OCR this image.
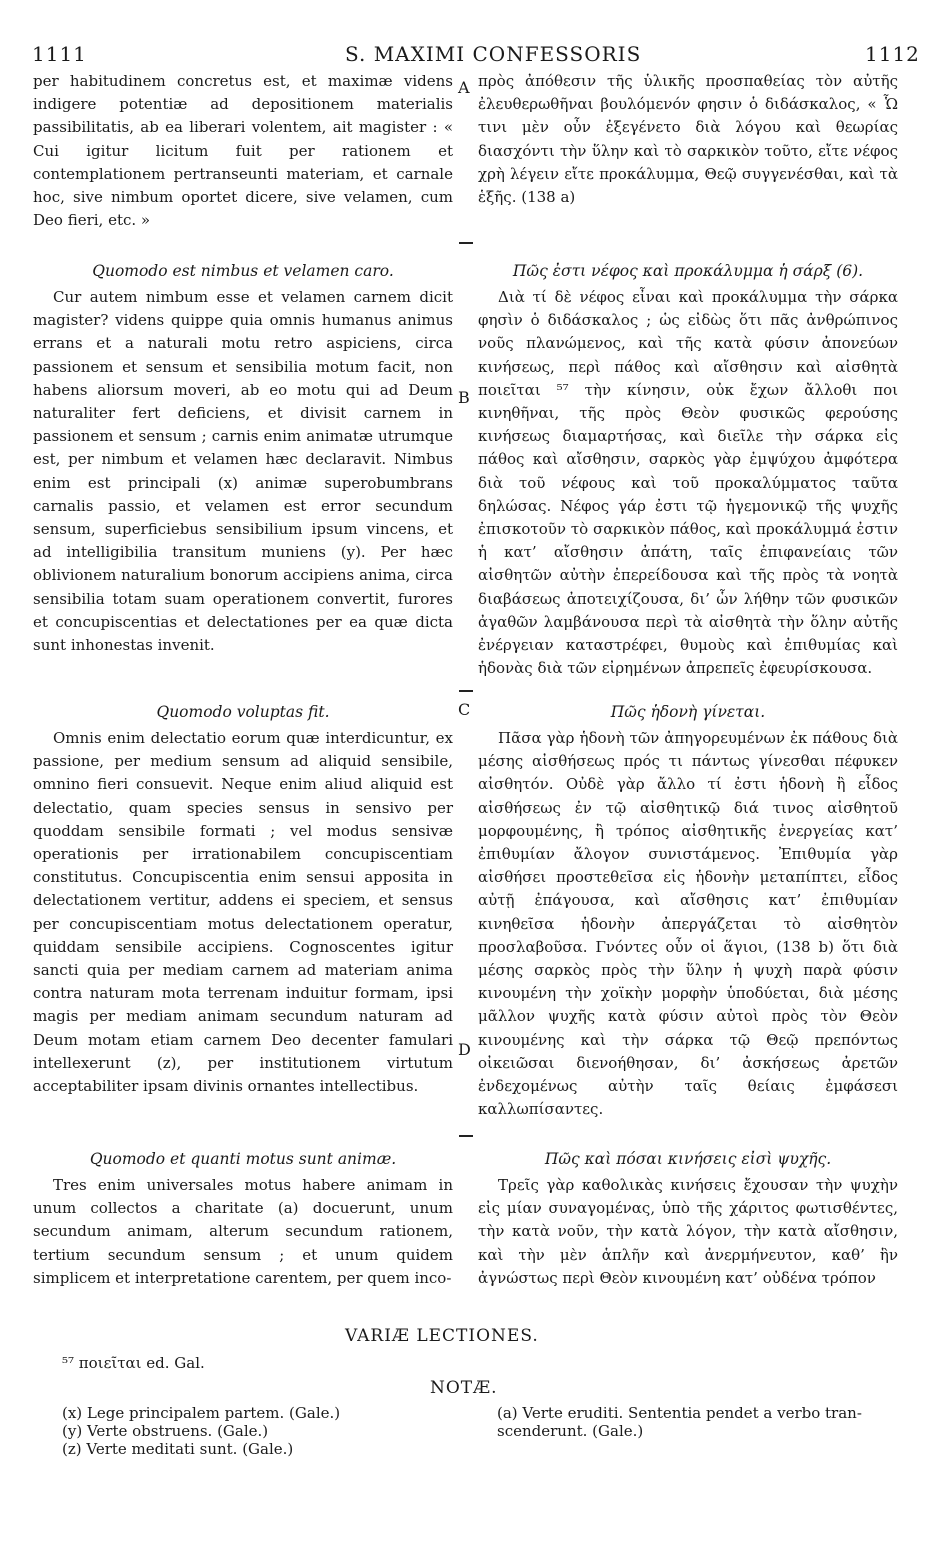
1111	S. MAXIMI CONFESSORIS	1112

per habitudinem concretus est, et maximæ videns indigere potentiæ ad depositionem materialis passibilitatis, ab ea liberari volentem, ait magister : « Cui igitur licitum fuit per rationem et contemplationem pertranseunti materiam, et carnale hoc, sive nimbum oportet dicere, sive velamen, cum Deo fieri, etc. »

Quomodo est nimbus et velamen caro.

Cur autem nimbum esse et velamen carnem dicit magister? videns quippe quia omnis humanus animus errans et a naturali motu retro aspiciens, circa passionem et sensum et sensibilia motum facit, non habens aliorsum moveri, ab eo motu qui ad Deum naturaliter fert deficiens, et divisit carnem in passionem et sensum ; carnis enim animatæ utrumque est, per nimbum et velamen hæc declaravit. Nimbus enim est principali (x) animæ superobumbrans carnalis passio, et velamen est error secundum sensum, superficiebus sensibilium ipsum vincens, et ad intelligibilia transitum muniens (y). Per hæc oblivionem naturalium bonorum accipiens anima, circa sensibilia totam suam operationem convertit, furores et concupiscentias et delectationes per ea quæ dicta sunt inhonestas invenit.

Quomodo voluptas fit.

Omnis enim delectatio eorum quæ interdicuntur, ex passione, per medium sensum ad aliquid sensibile, omnino fieri consuevit. Neque enim aliud aliquid est delectatio, quam species sensus in sensivo per quoddam sensibile formati ; vel modus sensivæ operationis per irrationabilem concupiscentiam constitutus. Concupiscentia enim sensui apposita in delectationem vertitur, addens ei speciem, et sensus per concupiscentiam motus delectationem operatur, quiddam sensibile accipiens. Cognoscentes igitur sancti quia per mediam carnem ad materiam anima contra naturam mota terrenam induitur formam, ipsi magis per mediam animam secundum naturam ad Deum motam etiam carnem Deo decenter famulari intellexerunt (z), per institutionem virtutum acceptabiliter ipsam divinis ornantes intellectibus.

Quomodo et quanti motus sunt animæ.

Tres enim universales motus habere animam in unum collectos a charitate (a) docuerunt, unum secundum animam, alterum secundum rationem, tertium secundum sensum ; et unum quidem simplicem et interpretatione carentem, per quem inco-

πρὸς ἀπόθεσιν τῆς ὑλικῆς προσπαθείας τὸν αὐτῆς ἐλευθερωθῆναι βουλόμενόν φησιν ὁ διδάσκαλος, « Ὧ τινι μὲν οὖν ἐξεγένετο διὰ λόγου καὶ θεωρίας διασχόντι τὴν ὕλην καὶ τὸ σαρκικὸν τοῦτο, εἴτε νέφος χρὴ λέγειν εἴτε προκάλυμμα, Θεῷ συγγενέσθαι, καὶ τὰ ἑξῆς. (138 a)

Πῶς ἐστι νέφος καὶ προκάλυμμα ἡ σάρξ (6).

Διὰ τί δὲ νέφος εἶναι καὶ προκάλυμμα τὴν σάρκα φησὶν ὁ διδάσκαλος ; ὡς εἰδὼς ὅτι πᾶς ἀνθρώπινος νοῦς πλανώμενος, καὶ τῆς κατὰ φύσιν ἀπονεύων κινήσεως, περὶ πάθος καὶ αἴσθησιν καὶ αἰσθητὰ ποιεῖται ⁵⁷ τὴν κίνησιν, οὐκ ἔχων ἄλλοθι ποι κινηθῆναι, τῆς πρὸς Θεὸν φυσικῶς φερούσης κινήσεως διαμαρτήσας, καὶ διεῖλε τὴν σάρκα εἰς πάθος καὶ αἴσθησιν, σαρκὸς γὰρ ἐμψύχου ἀμφότερα διὰ τοῦ νέφους καὶ τοῦ προκαλύμματος ταῦτα δηλώσας. Νέφος γάρ ἐστι τῷ ἡγεμονικῷ τῆς ψυχῆς ἐπισκοτοῦν τὸ σαρκικὸν πάθος, καὶ προκάλυμμά ἐστιν ἡ κατ’ αἴσθησιν ἀπάτη, ταῖς ἐπιφανείαις τῶν αἰσθητῶν αὐτὴν ἐπερείδουσα καὶ τῆς πρὸς τὰ νοητὰ διαβάσεως ἀποτειχίζουσα, δι’ ὧν λήθην τῶν φυσικῶν ἀγαθῶν λαμβάνουσα περὶ τὰ αἰσθητὰ τὴν ὅλην αὐτῆς ἐνέργειαν καταστρέφει, θυμοὺς καὶ ἐπιθυμίας καὶ ἡδονὰς διὰ τῶν εἰρημένων ἀπρεπεῖς ἐφευρίσκουσα.

Πῶς ἡδονὴ γίνεται.

Πᾶσα γὰρ ἡδονὴ τῶν ἀπηγορευμένων ἐκ πάθους διὰ μέσης αἰσθήσεως πρός τι πάντως γίνεσθαι πέφυκεν αἰσθητόν. Οὐδὲ γὰρ ἄλλο τί ἐστι ἡδονὴ ἢ εἶδος αἰσθήσεως ἐν τῷ αἰσθητικῷ διά τινος αἰσθητοῦ μορφουμένης, ἢ τρόπος αἰσθητικῆς ἐνεργείας κατ’ ἐπιθυμίαν ἄλογον συνιστάμενος. Ἐπιθυμία γὰρ αἰσθήσει προστεθεῖσα εἰς ἡδονὴν μεταπίπτει, εἶδος αὐτῇ ἐπάγουσα, καὶ αἴσθησις κατ’ ἐπιθυμίαν κινηθεῖσα ἡδονὴν ἀπεργάζεται τὸ αἰσθητὸν προσλαβοῦσα. Γνόντες οὖν οἱ ἅγιοι, (138 b) ὅτι διὰ μέσης σαρκὸς πρὸς τὴν ὕλην ἡ ψυχὴ παρὰ φύσιν κινουμένη τὴν χοϊκὴν μορφὴν ὑποδύεται, διὰ μέσης μᾶλλον ψυχῆς κατὰ φύσιν αὐτοὶ πρὸς τὸν Θεὸν κινουμένης καὶ τὴν σάρκα τῷ Θεῷ πρεπόντως οἰκειῶσαι διενοήθησαν, δι’ ἀσκήσεως ἀρετῶν ἐνδεχομένως αὐτὴν ταῖς θείαις ἐμφάσεσι καλλωπίσαντες.

Πῶς καὶ πόσαι κινήσεις εἰσὶ ψυχῆς.

Τρεῖς γὰρ καθολικὰς κινήσεις ἔχουσαν τὴν ψυχὴν εἰς μίαν συναγομένας, ὑπὸ τῆς χάριτος φωτισθέντες, τὴν κατὰ νοῦν, τὴν κατὰ λόγον, τὴν κατὰ αἴσθησιν, καὶ τὴν μὲν ἁπλῆν καὶ ἀνερμήνευτον, καθ’ ἣν ἀγνώστως περὶ Θεὸν κινουμένη κατ’ οὐδένα τρόπον

A
B
C
D
VARIÆ LECTIONES.
⁵⁷ ποιεῖται ed. Gal.
NOTÆ.
(x) Lege principalem partem. (Gale.)
(y) Verte obstruens. (Gale.)
(z) Verte meditati sunt. (Gale.)
(a) Verte eruditi. Sententia pendet a verbo tran-
scenderunt. (Gale.)
